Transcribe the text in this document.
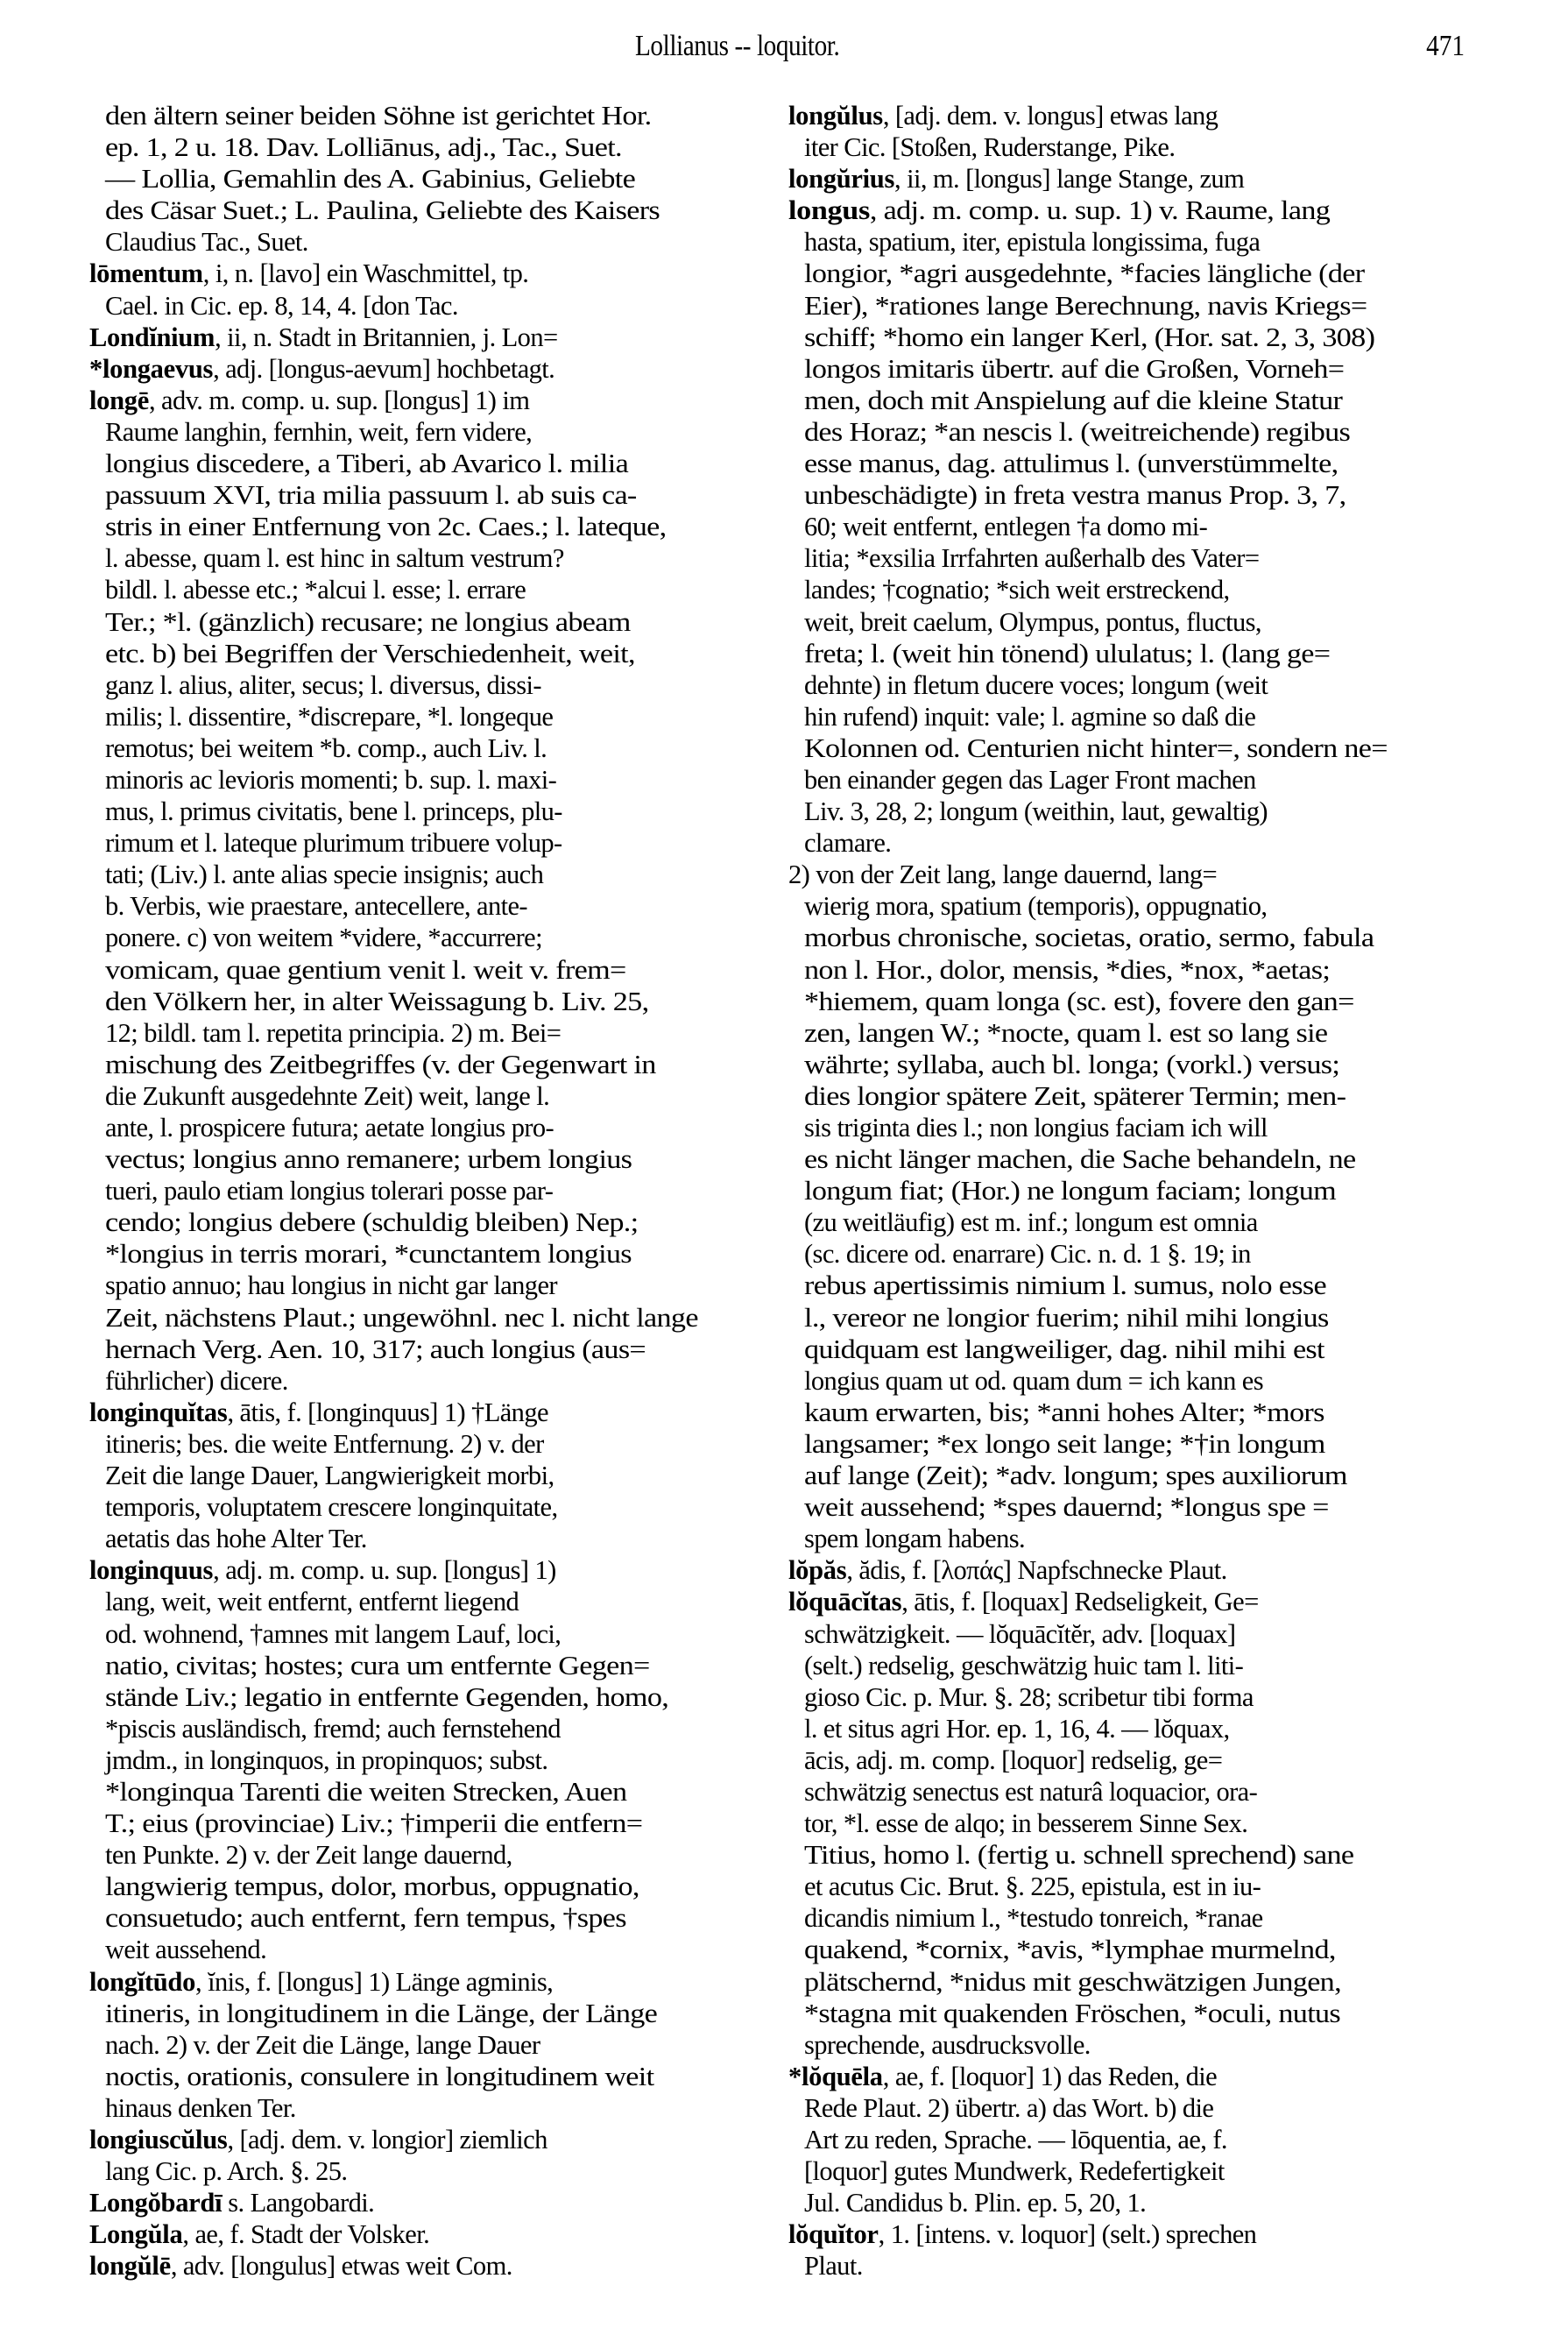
Lollianus -- loquitor.	471
den ältern seiner beiden Söhne ist gerichtet Hor.
ep. 1, 2 u. 18. Dav. Lolliānus, adj., Tac., Suet.
— Lollia, Gemahlin des A. Gabinius, Geliebte
des Cäsar Suet.; L. Paulina, Geliebte des Kaisers
Claudius Tac., Suet.
lōmentum, i, n. [lavo] ein Waschmittel, tp.
Cael. in Cic. ep. 8, 14, 4. [don Tac.
Londĭnium, ii, n. Stadt in Britannien, j. Lon=
*longaevus, adj. [longus-aevum] hochbetagt.
longē, adv. m. comp. u. sup. [longus] 1) im
Raume langhin, fernhin, weit, fern videre,
longius discedere, a Tiberi, ab Avarico l. milia
passuum XVI, tria milia passuum l. ab suis ca-
stris in einer Entfernung von 2c. Caes.; l. lateque,
l. abesse, quam l. est hinc in saltum vestrum?
bildl. l. abesse etc.; *alcui l. esse; l. errare
Ter.; *l. (gänzlich) recusare; ne longius abeam
etc. b) bei Begriffen der Verschiedenheit, weit,
ganz l. alius, aliter, secus; l. diversus, dissi-
milis; l. dissentire, *discrepare, *l. longeque
remotus; bei weitem *b. comp., auch Liv. l.
minoris ac levioris momenti; b. sup. l. maxi-
mus, l. primus civitatis, bene l. princeps, plu-
rimum et l. lateque plurimum tribuere volup-
tati; (Liv.) l. ante alias specie insignis; auch
b. Verbis, wie praestare, antecellere, ante-
ponere. c) von weitem *videre, *accurrere;
vomicam, quae gentium venit l. weit v. frem=
den Völkern her, in alter Weissagung b. Liv. 25,
12; bildl. tam l. repetita principia. 2) m. Bei=
mischung des Zeitbegriffes (v. der Gegenwart in
die Zukunft ausgedehnte Zeit) weit, lange l.
ante, l. prospicere futura; aetate longius pro-
vectus; longius anno remanere; urbem longius
tueri, paulo etiam longius tolerari posse par-
cendo; longius debere (schuldig bleiben) Nep.;
*longius in terris morari, *cunctantem longius
spatio annuo; hau longius in nicht gar langer
Zeit, nächstens Plaut.; ungewöhnl. nec l. nicht lange
hernach Verg. Aen. 10, 317; auch longius (aus=
führlicher) dicere.
longinquĭtas, ātis, f. [longinquus] 1) †Länge
itineris; bes. die weite Entfernung. 2) v. der
Zeit die lange Dauer, Langwierigkeit morbi,
temporis, voluptatem crescere longinquitate,
aetatis das hohe Alter Ter.
longinquus, adj. m. comp. u. sup. [longus] 1)
lang, weit, weit entfernt, entfernt liegend
od. wohnend, †amnes mit langem Lauf, loci,
natio, civitas; hostes; cura um entfernte Gegen=
stände Liv.; legatio in entfernte Gegenden, homo,
*piscis ausländisch, fremd; auch fernstehend
jmdm., in longinquos, in propinquos; subst.
*longinqua Tarenti die weiten Strecken, Auen
T.; eius (provinciae) Liv.; †imperii die entfern=
ten Punkte. 2) v. der Zeit lange dauernd,
langwierig tempus, dolor, morbus, oppugnatio,
consuetudo; auch entfernt, fern tempus, †spes
weit aussehend.
longĭtūdo, ĭnis, f. [longus] 1) Länge agminis,
itineris, in longitudinem in die Länge, der Länge
nach. 2) v. der Zeit die Länge, lange Dauer
noctis, orationis, consulere in longitudinem weit
hinaus denken Ter.
longiuscŭlus, [adj. dem. v. longior] ziemlich
lang Cic. p. Arch. §. 25.
Longŏbardī s. Langobardi.
Longŭla, ae, f. Stadt der Volsker.
longŭlē, adv. [longulus] etwas weit Com.
longŭlus, [adj. dem. v. longus] etwas lang
iter Cic. [Stoßen, Ruderstange, Pike.
longŭrius, ii, m. [longus] lange Stange, zum
longus, adj. m. comp. u. sup. 1) v. Raume, lang
hasta, spatium, iter, epistula longissima, fuga
longior, *agri ausgedehnte, *facies längliche (der
Eier), *rationes lange Berechnung, navis Kriegs=
schiff; *homo ein langer Kerl, (Hor. sat. 2, 3, 308)
longos imitaris übertr. auf die Großen, Vorneh=
men, doch mit Anspielung auf die kleine Statur
des Horaz; *an nescis l. (weitreichende) regibus
esse manus, dag. attulimus l. (unverstümmelte,
unbeschädigte) in freta vestra manus Prop. 3, 7,
60; weit entfernt, entlegen †a domo mi-
litia; *exsilia Irrfahrten außerhalb des Vater=
landes; †cognatio; *sich weit erstreckend,
weit, breit caelum, Olympus, pontus, fluctus,
freta; l. (weit hin tönend) ululatus; l. (lang ge=
dehnte) in fletum ducere voces; longum (weit
hin rufend) inquit: vale; l. agmine so daß die
Kolonnen od. Centurien nicht hinter=, sondern ne=
ben einander gegen das Lager Front machen
Liv. 3, 28, 2; longum (weithin, laut, gewaltig)
clamare.
2) von der Zeit lang, lange dauernd, lang=
wierig mora, spatium (temporis), oppugnatio,
morbus chronische, societas, oratio, sermo, fabula
non l. Hor., dolor, mensis, *dies, *nox, *aetas;
*hiemem, quam longa (sc. est), fovere den gan=
zen, langen W.; *nocte, quam l. est so lang sie
währte; syllaba, auch bl. longa; (vorkl.) versus;
dies longior spätere Zeit, späterer Termin; men-
sis triginta dies l.; non longius faciam ich will
es nicht länger machen, die Sache behandeln, ne
longum fiat; (Hor.) ne longum faciam; longum
(zu weitläufig) est m. inf.; longum est omnia
(sc. dicere od. enarrare) Cic. n. d. 1 §. 19; in
rebus apertissimis nimium l. sumus, nolo esse
l., vereor ne longior fuerim; nihil mihi longius
quidquam est langweiliger, dag. nihil mihi est
longius quam ut od. quam dum = ich kann es
kaum erwarten, bis; *anni hohes Alter; *mors
langsamer; *ex longo seit lange; *†in longum
auf lange (Zeit); *adv. longum; spes auxiliorum
weit aussehend; *spes dauernd; *longus spe =
spem longam habens.
lŏpăs, ădis, f. [λοπάς] Napfschnecke Plaut.
lŏquācĭtas, ātis, f. [loquax] Redseligkeit, Ge=
schwätzigkeit. — lŏquācĭtĕr, adv. [loquax]
(selt.) redselig, geschwätzig huic tam l. liti-
gioso Cic. p. Mur. §. 28; scribetur tibi forma
l. et situs agri Hor. ep. 1, 16, 4. — lŏquax,
ācis, adj. m. comp. [loquor] redselig, ge=
schwätzig senectus est naturâ loquacior, ora-
tor, *l. esse de alqo; in besserem Sinne Sex.
Titius, homo l. (fertig u. schnell sprechend) sane
et acutus Cic. Brut. §. 225, epistula, est in iu-
dicandis nimium l., *testudo tonreich, *ranae
quakend, *cornix, *avis, *lymphae murmelnd,
plätschernd, *nidus mit geschwätzigen Jungen,
*stagna mit quakenden Fröschen, *oculi, nutus
sprechende, ausdrucksvolle.
*lŏquēla, ae, f. [loquor] 1) das Reden, die
Rede Plaut. 2) übertr. a) das Wort. b) die
Art zu reden, Sprache. — lōquentia, ae, f.
[loquor] gutes Mundwerk, Redefertigkeit
Jul. Candidus b. Plin. ep. 5, 20, 1.
lŏquĭtor, 1. [intens. v. loquor] (selt.) sprechen
Plaut.
